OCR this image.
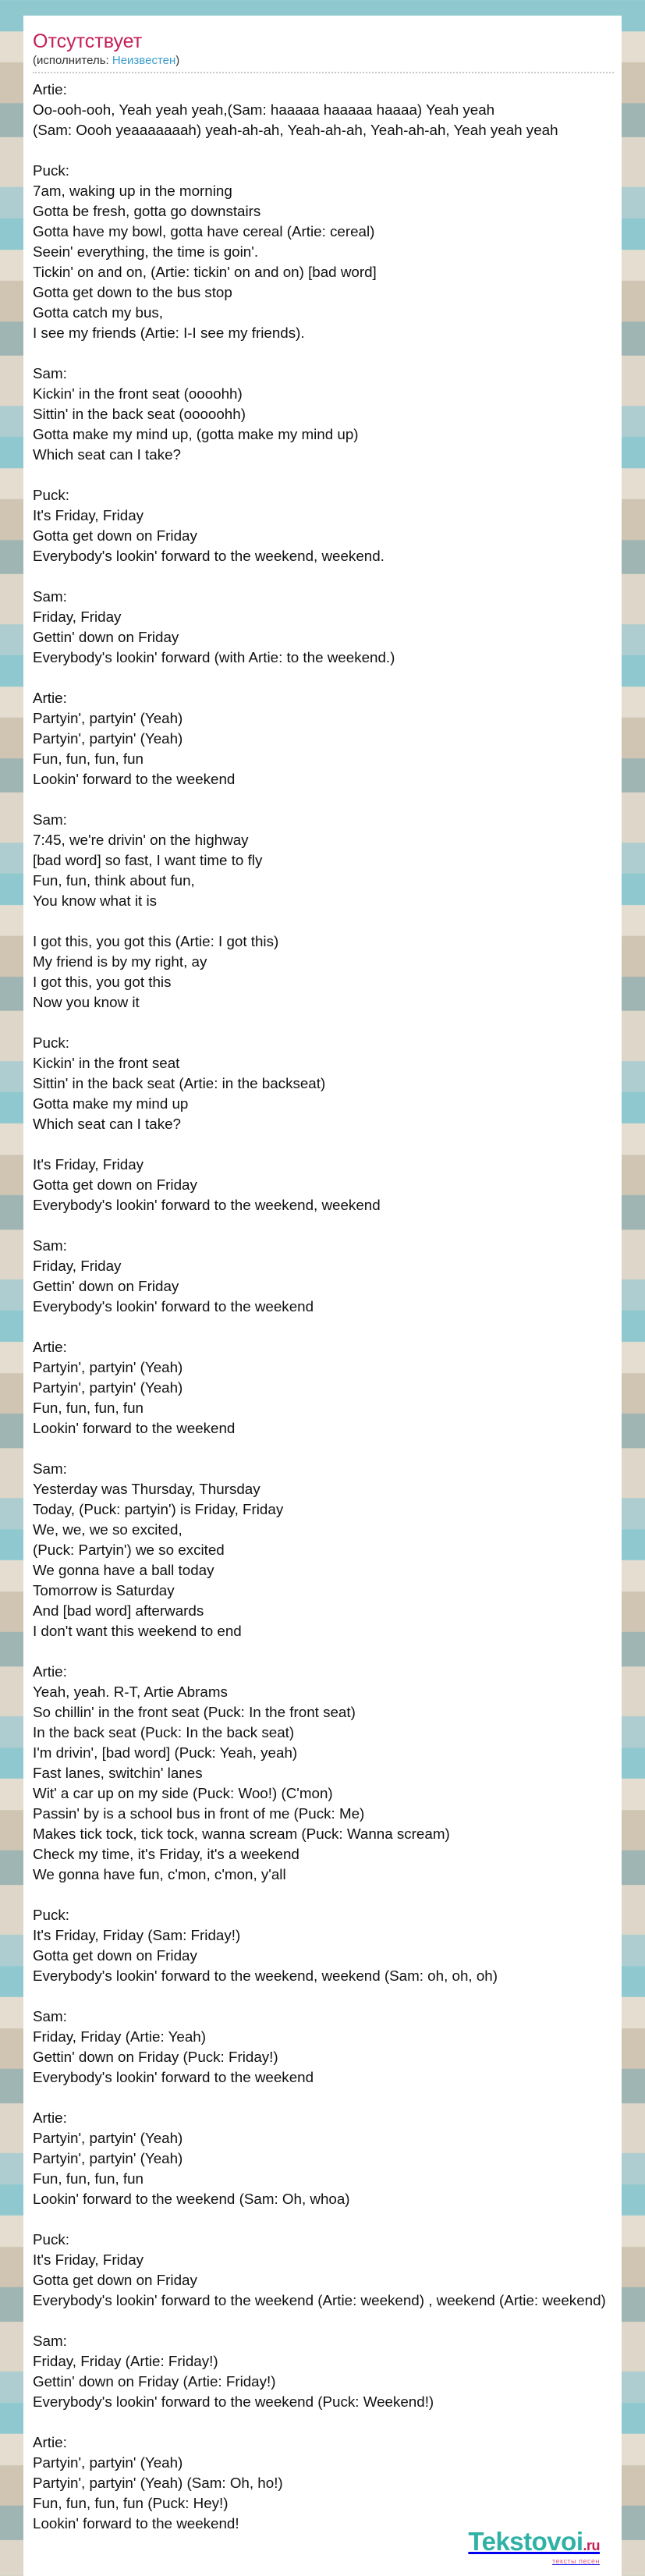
Отсутствует
(исполнитель: Неизвестен)
Artie:
Oo-ooh-ooh, Yeah yeah yeah,(Sam: haaaaa haaaaa haaaa) Yeah yeah
(Sam: Oooh yeaaaaaaah) yeah-ah-ah, Yeah-ah-ah, Yeah-ah-ah, Yeah yeah yeah
Puck:
7am, waking up in the morning
Gotta be fresh, gotta go downstairs
Gotta have my bowl, gotta have cereal (Artie: cereal)
Seein' everything, the time is goin'.
Tickin' on and on, (Artie: tickin' on and on) [bad word]
Gotta get down to the bus stop
Gotta catch my bus,
I see my friends (Artie: I-I see my friends).
Sam:
Kickin' in the front seat (oooohh)
Sittin' in the back seat (ooooohh)
Gotta make my mind up, (gotta make my mind up)
Which seat can I take?
Puck:
It's Friday, Friday
Gotta get down on Friday
Everybody's lookin' forward to the weekend, weekend.
Sam:
Friday, Friday
Gettin' down on Friday
Everybody's lookin' forward (with Artie: to the weekend.)
Artie:
Partyin', partyin' (Yeah)
Partyin', partyin' (Yeah)
Fun, fun, fun, fun
Lookin' forward to the weekend
Sam:
7:45, we're drivin' on the highway
[bad word] so fast, I want time to fly
Fun, fun, think about fun,
You know what it is
I got this, you got this (Artie: I got this)
My friend is by my right, ay
I got this, you got this
Now you know it
Puck:
Kickin' in the front seat
Sittin' in the back seat (Artie: in the backseat)
Gotta make my mind up
Which seat can I take?
It's Friday, Friday
Gotta get down on Friday
Everybody's lookin' forward to the weekend, weekend
Sam:
Friday, Friday
Gettin' down on Friday
Everybody's lookin' forward to the weekend
Artie:
Partyin', partyin' (Yeah)
Partyin', partyin' (Yeah)
Fun, fun, fun, fun
Lookin' forward to the weekend
Sam:
Yesterday was Thursday, Thursday
Today, (Puck: partyin') is Friday, Friday
We, we, we so excited,
(Puck: Partyin') we so excited
We gonna have a ball today
Tomorrow is Saturday
And [bad word] afterwards
I don't want this weekend to end
Artie:
Yeah, yeah. R-T, Artie Abrams
So chillin' in the front seat (Puck: In the front seat)
In the back seat (Puck: In the back seat)
I'm drivin', [bad word] (Puck: Yeah, yeah)
Fast lanes, switchin' lanes
Wit' a car up on my side (Puck: Woo!) (C'mon)
Passin' by is a school bus in front of me (Puck: Me)
Makes tick tock, tick tock, wanna scream (Puck: Wanna scream)
Check my time, it's Friday, it's a weekend
We gonna have fun, c'mon, c'mon, y'all
Puck:
It's Friday, Friday (Sam: Friday!)
Gotta get down on Friday
Everybody's lookin' forward to the weekend, weekend (Sam: oh, oh, oh)
Sam:
Friday, Friday (Artie: Yeah)
Gettin' down on Friday (Puck: Friday!)
Everybody's lookin' forward to the weekend
Artie:
Partyin', partyin' (Yeah)
Partyin', partyin' (Yeah)
Fun, fun, fun, fun
Lookin' forward to the weekend (Sam: Oh, whoa)
Puck:
It's Friday, Friday
Gotta get down on Friday
Everybody's lookin' forward to the weekend (Artie: weekend) , weekend (Artie: weekend)
Sam:
Friday, Friday (Artie: Friday!)
Gettin' down on Friday (Artie: Friday!)
Everybody's lookin' forward to the weekend (Puck: Weekend!)
Artie:
Partyin', partyin' (Yeah)
Partyin', partyin' (Yeah) (Sam: Oh, ho!)
Fun, fun, fun, fun (Puck: Hey!)
Lookin' forward to the weekend!
Tekstovoi.ru
тексты песен
